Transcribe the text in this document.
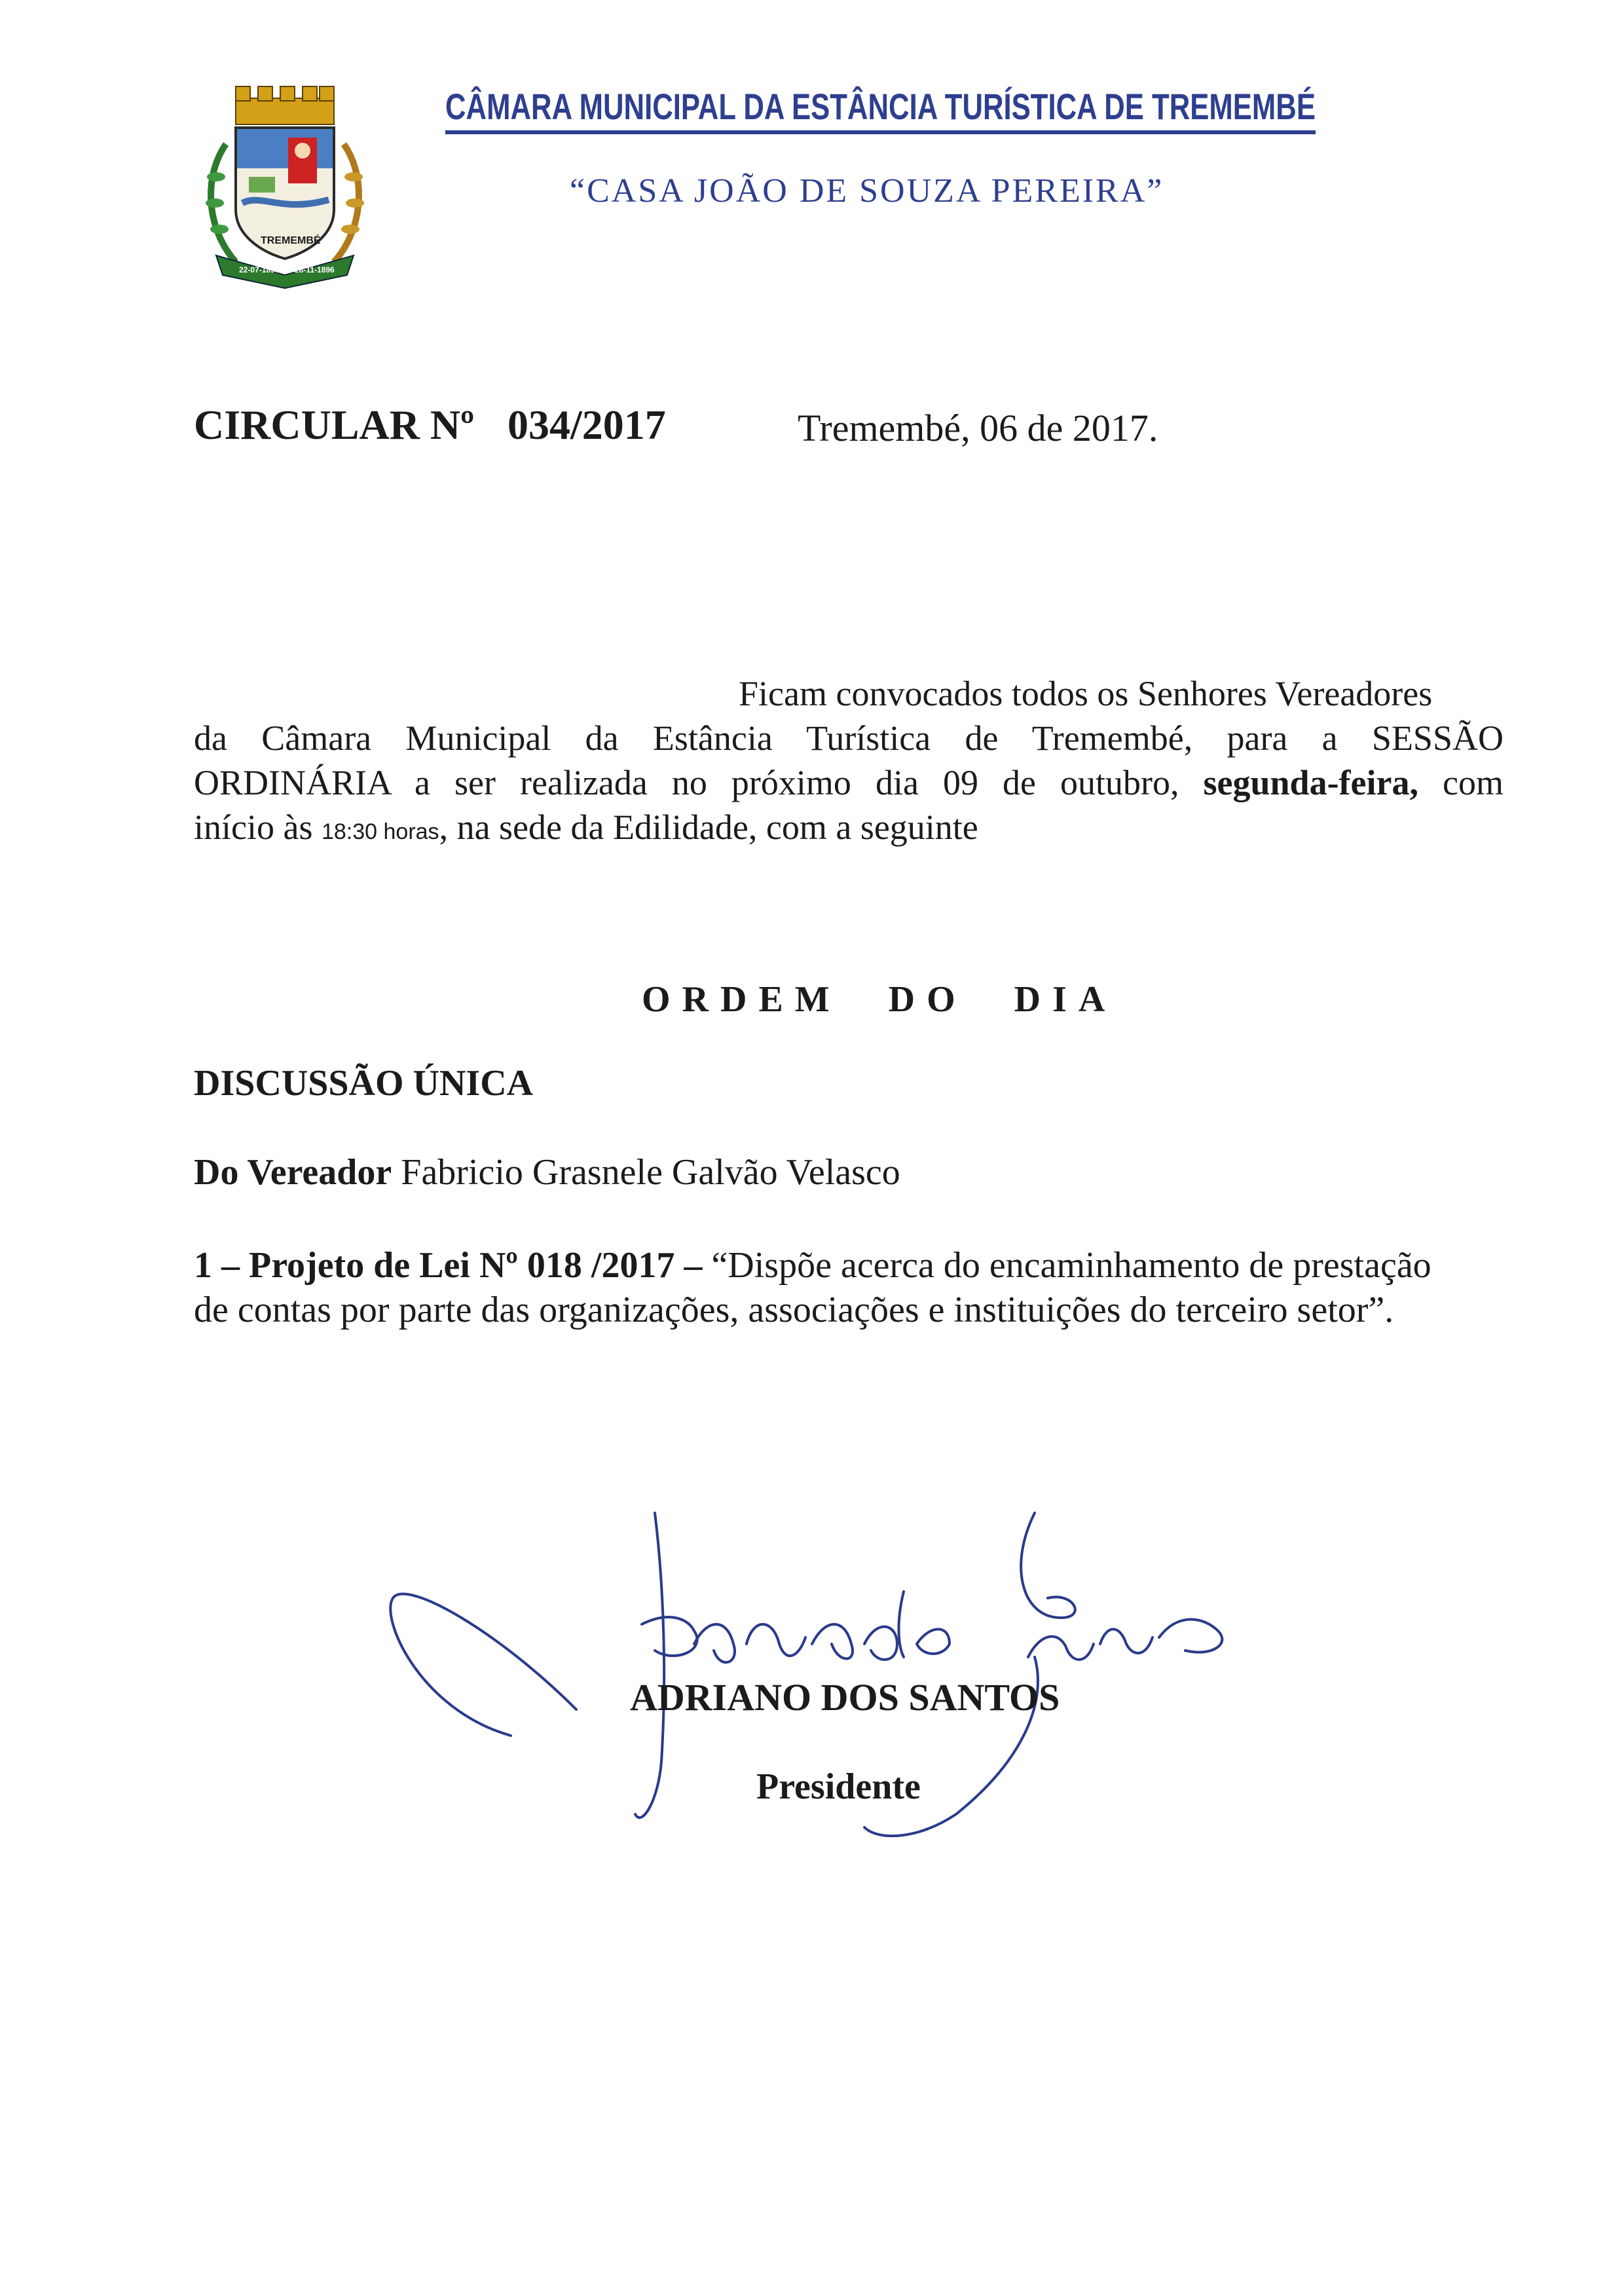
22-07-1896 28-11-1896
TREMEMBÉ
CÂMARA MUNICIPAL DA ESTÂNCIA TURÍSTICA DE TREMEMBÉ
“CASA JOÃO DE SOUZA PEREIRA”
CIRCULAR Nº 034/2017	Tremembé, 06 de 2017.
Ficam convocados todos os Senhores Vereadores
da Câmara Municipal da Estância Turística de Tremembé, para a SESSÃO
ORDINÁRIA a ser realizada no próximo dia 09 de outubro, segunda-feira, com
início às 18:30 horas, na sede da Edilidade, com a seguinte
ORDEM DO DIA
DISCUSSÃO ÚNICA
Do Vereador Fabricio Grasnele Galvão Velasco
1 – Projeto de Lei Nº 018 /2017 – “Dispõe acerca do encaminhamento de prestação
de contas por parte das organizações, associações e instituições do terceiro setor”.
ADRIANO DOS SANTOS
Presidente
